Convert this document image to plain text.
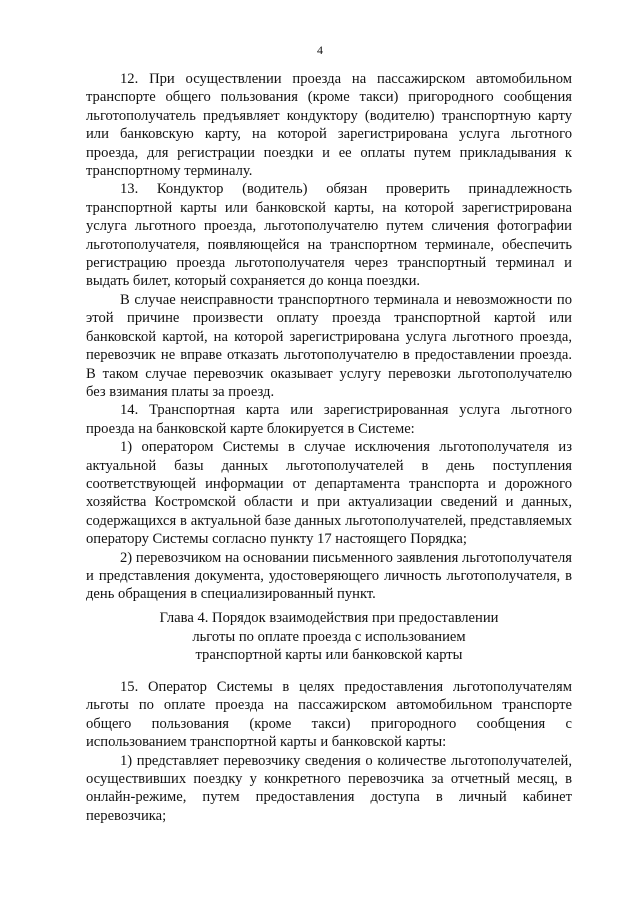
4

12. При осуществлении проезда на пассажирском автомобильном транспорте общего пользования (кроме такси) пригородного сообщения льготополучатель предъявляет кондуктору (водителю) транспортную карту или банковскую карту, на которой зарегистрирована услуга льготного проезда, для регистрации поездки и ее оплаты путем прикладывания к транспортному терминалу.

13. Кондуктор (водитель) обязан проверить принадлежность транспортной карты или банковской карты, на которой зарегистрирована услуга льготного проезда, льготополучателю путем сличения фотографии льготополучателя, появляющейся на транспортном терминале, обеспечить регистрацию проезда льготополучателя через транспортный терминал и выдать билет, который сохраняется до конца поездки.

В случае неисправности транспортного терминала и невозможности по этой причине произвести оплату проезда транспортной картой или банковской картой, на которой зарегистрирована услуга льготного проезда, перевозчик не вправе отказать льготополучателю в предоставлении проезда. В таком случае перевозчик оказывает услугу перевозки льготополучателю без взимания платы за проезд.

14. Транспортная карта или зарегистрированная услуга льготного проезда на банковской карте блокируется в Системе:

1) оператором Системы в случае исключения льготополучателя из актуальной базы данных льготополучателей в день поступления соответствующей информации от департамента транспорта и дорожного хозяйства Костромской области и при актуализации сведений и данных, содержащихся в актуальной базе данных льготополучателей, представляемых оператору Системы согласно пункту 17 настоящего Порядка;

2) перевозчиком на основании письменного заявления льготополучателя и представления документа, удостоверяющего личность льготополучателя, в день обращения в специализированный пункт.

Глава 4. Порядок взаимодействия при предоставлении
льготы по оплате проезда с использованием
транспортной карты или банковской карты

15. Оператор Системы в целях предоставления льготополучателям льготы по оплате проезда на пассажирском автомобильном транспорте общего пользования (кроме такси) пригородного сообщения с использованием транспортной карты и банковской карты:

1) представляет перевозчику сведения о количестве льготополучателей, осуществивших поездку у конкретного перевозчика за отчетный месяц, в онлайн-режиме, путем предоставления доступа в личный кабинет перевозчика;
